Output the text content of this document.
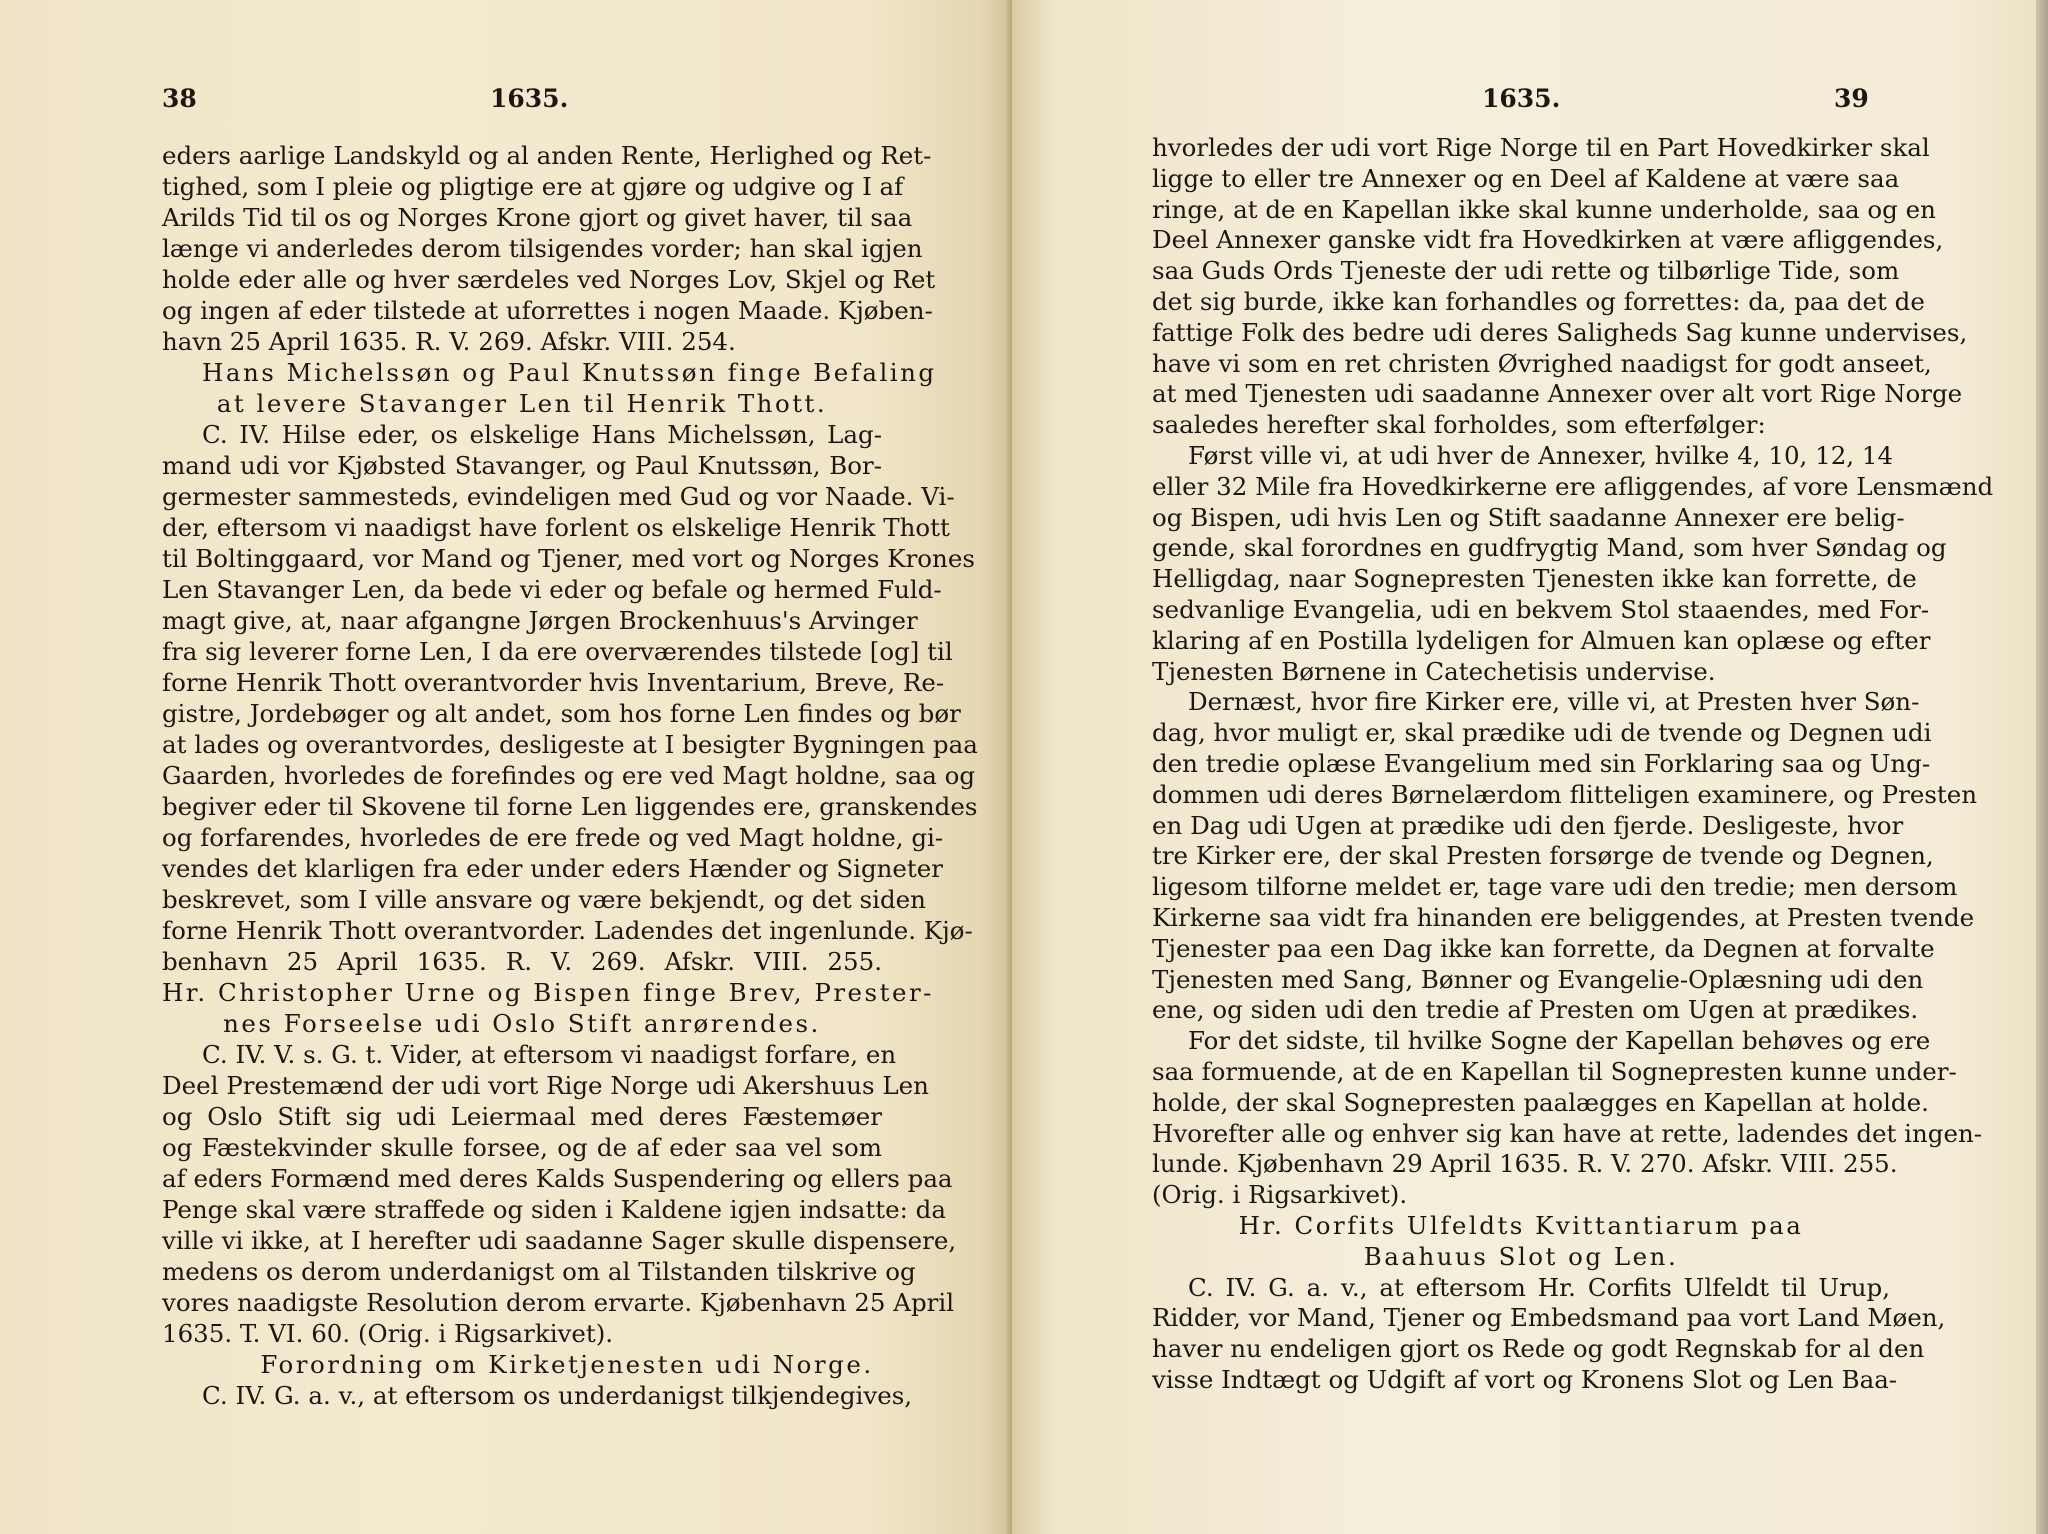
38	1635.
eders aarlige Landskyld og al anden Rente, Herlighed og Ret-
tighed, som I pleie og pligtige ere at gjøre og udgive og I af
Arilds Tid til os og Norges Krone gjort og givet haver, til saa
længe vi anderledes derom tilsigendes vorder; han skal igjen
holde eder alle og hver særdeles ved Norges Lov, Skjel og Ret
og ingen af eder tilstede at uforrettes i nogen Maade. Kjøben-
havn 25 April 1635. R. V. 269. Afskr. VIII. 254.
Hans Michelssøn og Paul Knutssøn finge Befaling
at levere Stavanger Len til Henrik Thott.
C. IV. Hilse eder, os elskelige Hans Michelssøn, Lag-
mand udi vor Kjøbsted Stavanger, og Paul Knutssøn, Bor-
germester sammesteds, evindeligen med Gud og vor Naade. Vi-
der, eftersom vi naadigst have forlent os elskelige Henrik Thott
til Boltinggaard, vor Mand og Tjener, med vort og Norges Krones
Len Stavanger Len, da bede vi eder og befale og hermed Fuld-
magt give, at, naar afgangne Jørgen Brockenhuus's Arvinger
fra sig leverer forne Len, I da ere overværendes tilstede [og] til
forne Henrik Thott overantvorder hvis Inventarium, Breve, Re-
gistre, Jordebøger og alt andet, som hos forne Len findes og bør
at lades og overantvordes, desligeste at I besigter Bygningen paa
Gaarden, hvorledes de forefindes og ere ved Magt holdne, saa og
begiver eder til Skovene til forne Len liggendes ere, granskendes
og forfarendes, hvorledes de ere frede og ved Magt holdne, gi-
vendes det klarligen fra eder under eders Hænder og Signeter
beskrevet, som I ville ansvare og være bekjendt, og det siden
forne Henrik Thott overantvorder. Ladendes det ingenlunde. Kjø-
benhavn 25 April 1635. R. V. 269. Afskr. VIII. 255.
Hr. Christopher Urne og Bispen finge Brev, Prester-
nes Forseelse udi Oslo Stift anrørendes.
C. IV. V. s. G. t. Vider, at eftersom vi naadigst forfare, en
Deel Prestemænd der udi vort Rige Norge udi Akershuus Len
og Oslo Stift sig udi Leiermaal med deres Fæstemøer
og Fæstekvinder skulle forsee, og de af eder saa vel som
af eders Formænd med deres Kalds Suspendering og ellers paa
Penge skal være straffede og siden i Kaldene igjen indsatte: da
ville vi ikke, at I herefter udi saadanne Sager skulle dispensere,
medens os derom underdanigst om al Tilstanden tilskrive og
vores naadigste Resolution derom ervarte. Kjøbenhavn 25 April
1635. T. VI. 60. (Orig. i Rigsarkivet).
Forordning om Kirketjenesten udi Norge.
C. IV. G. a. v., at eftersom os underdanigst tilkjendegives,
1635.	39
hvorledes der udi vort Rige Norge til en Part Hovedkirker skal
ligge to eller tre Annexer og en Deel af Kaldene at være saa
ringe, at de en Kapellan ikke skal kunne underholde, saa og en
Deel Annexer ganske vidt fra Hovedkirken at være afliggendes,
saa Guds Ords Tjeneste der udi rette og tilbørlige Tide, som
det sig burde, ikke kan forhandles og forrettes: da, paa det de
fattige Folk des bedre udi deres Saligheds Sag kunne undervises,
have vi som en ret christen Øvrighed naadigst for godt anseet,
at med Tjenesten udi saadanne Annexer over alt vort Rige Norge
saaledes herefter skal forholdes, som efterfølger:
Først ville vi, at udi hver de Annexer, hvilke 4, 10, 12, 14
eller 32 Mile fra Hovedkirkerne ere afliggendes, af vore Lensmænd
og Bispen, udi hvis Len og Stift saadanne Annexer ere belig-
gende, skal forordnes en gudfrygtig Mand, som hver Søndag og
Helligdag, naar Sognepresten Tjenesten ikke kan forrette, de
sedvanlige Evangelia, udi en bekvem Stol staaendes, med For-
klaring af en Postilla lydeligen for Almuen kan oplæse og efter
Tjenesten Børnene in Catechetisis undervise.
Dernæst, hvor fire Kirker ere, ville vi, at Presten hver Søn-
dag, hvor muligt er, skal prædike udi de tvende og Degnen udi
den tredie oplæse Evangelium med sin Forklaring saa og Ung-
dommen udi deres Børnelærdom flitteligen examinere, og Presten
en Dag udi Ugen at prædike udi den fjerde. Desligeste, hvor
tre Kirker ere, der skal Presten forsørge de tvende og Degnen,
ligesom tilforne meldet er, tage vare udi den tredie; men dersom
Kirkerne saa vidt fra hinanden ere beliggendes, at Presten tvende
Tjenester paa een Dag ikke kan forrette, da Degnen at forvalte
Tjenesten med Sang, Bønner og Evangelie-Oplæsning udi den
ene, og siden udi den tredie af Presten om Ugen at prædikes.
For det sidste, til hvilke Sogne der Kapellan behøves og ere
saa formuende, at de en Kapellan til Sognepresten kunne under-
holde, der skal Sognepresten paalægges en Kapellan at holde.
Hvorefter alle og enhver sig kan have at rette, ladendes det ingen-
lunde. Kjøbenhavn 29 April 1635. R. V. 270. Afskr. VIII. 255.
(Orig. i Rigsarkivet).
Hr. Corfits Ulfeldts Kvittantiarum paa
Baahuus Slot og Len.
C. IV. G. a. v., at eftersom Hr. Corfits Ulfeldt til Urup,
Ridder, vor Mand, Tjener og Embedsmand paa vort Land Møen,
haver nu endeligen gjort os Rede og godt Regnskab for al den
visse Indtægt og Udgift af vort og Kronens Slot og Len Baa-
